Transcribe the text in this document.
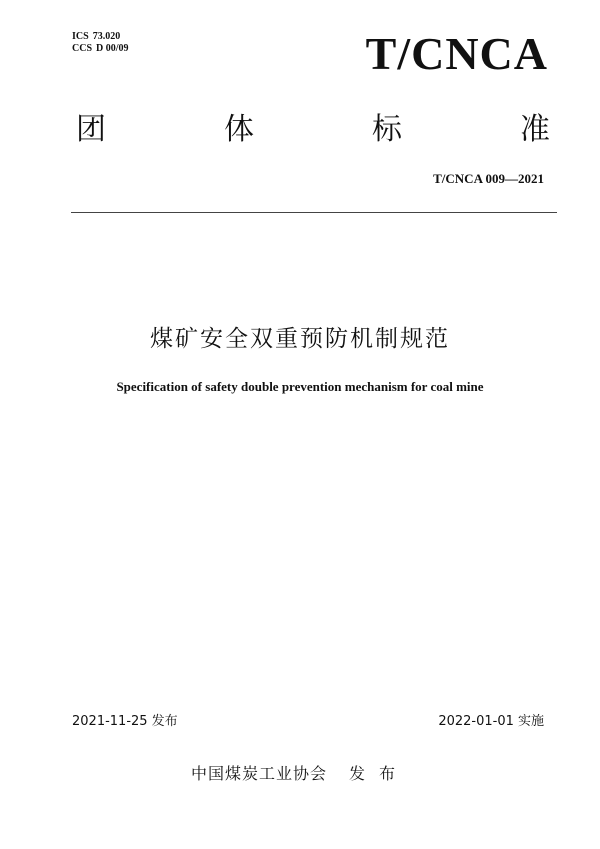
ICS 73.020
CCS D 00/09	T/CNCA
团	体	标	准
T/CNCA 009—2021
煤矿安全双重预防机制规范
Specification of safety double prevention mechanism for coal mine
2021-11-25 发布	2022-01-01 实施
中国煤炭工业协会 发布
